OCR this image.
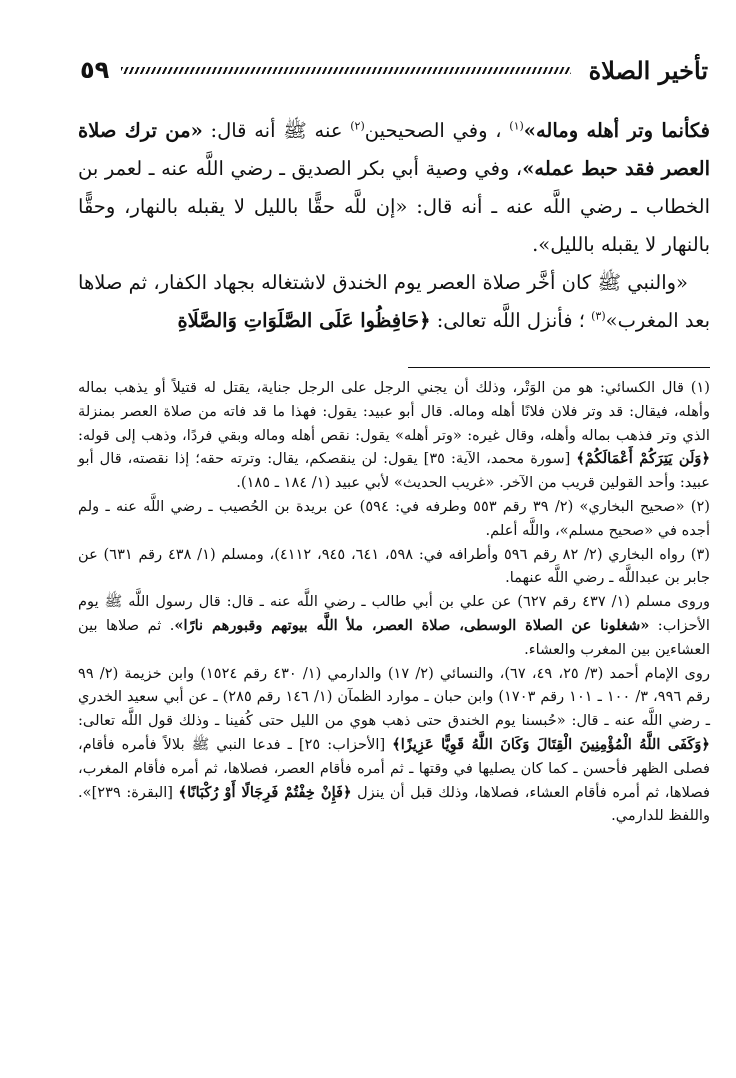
تأخير الصلاة
٥٩

فكأنما وتر أهله وماله»$^{(١)}$ ، وفي الصحيحين$^{(٢)}$ عنه ﷺ أنه قال: «من ترك صلاة العصر فقد حبط عمله»، وفي وصية أبي بكر الصديق ـ رضي اللَّه عنه ـ لعمر بن الخطاب ـ رضي اللَّه عنه ـ أنه قال: «إن للَّه حقًّا بالليل لا يقبله بالنهار، وحقًّا بالنهار لا يقبله بالليل».

«والنبي ﷺ كان أخَّر صلاة العصر يوم الخندق لاشتغاله بجهاد الكفار، ثم صلاها بعد المغرب»$^{(٣)}$ ؛ فأنزل اللَّه تعالى: ﴿حَافِظُوا عَلَى الصَّلَوَاتِ وَالصَّلَاةِ

(١) قال الكسائي: هو من الوَتْر، وذلك أن يجني الرجل على الرجل جناية، يقتل له قتيلاً أو يذهب بماله وأهله، فيقال: قد وتر فلان فلانًا أهله وماله. قال أبو عبيد: يقول: فهذا ما قد فاته من صلاة العصر بمنزلة الذي وتر فذهب بماله وأهله، وقال غيره: «وتر أهله» يقول: نقص أهله وماله وبقي فردًا، وذهب إلى قوله: ﴿وَلَن يَتِرَكُمْ أَعْمَالَكُمْ﴾ [سورة محمد، الآية: ٣٥] يقول: لن ينقصكم، يقال: وترته حقه؛ إذا نقصته، قال أبو عبيد: وأحد القولين قريب من الآخر. «غريب الحديث» لأبي عبيد (١/ ١٨٤ ـ ١٨٥).

(٢) «صحيح البخاري» (٢/ ٣٩ رقم ٥٥٣ وطرفه في: ٥٩٤) عن بريدة بن الحُصيب ـ رضي اللَّه عنه ـ ولم أجده في «صحيح مسلم»، واللَّه أعلم.

(٣) رواه البخاري (٢/ ٨٢ رقم ٥٩٦ وأطرافه في: ٥٩٨، ٦٤١، ٩٤٥، ٤١١٢)، ومسلم (١/ ٤٣٨ رقم ٦٣١) عن جابر بن عبداللَّه ـ رضي اللَّه عنهما.

وروى مسلم (١/ ٤٣٧ رقم ٦٢٧) عن علي بن أبي طالب ـ رضي اللَّه عنه ـ قال: قال رسول اللَّه ﷺ يوم الأحزاب: «شغلونا عن الصلاة الوسطى، صلاة العصر، ملأ اللَّه بيوتهم وقبورهم نارًا». ثم صلاها بين العشاءين بين المغرب والعشاء.

روى الإمام أحمد (٣/ ٢٥، ٤٩، ٦٧)، والنسائي (٢/ ١٧) والدارمي (١/ ٤٣٠ رقم ١٥٢٤) وابن خزيمة (٢/ ٩٩ رقم ٩٩٦، ٣/ ١٠٠ ـ ١٠١ رقم ١٧٠٣) وابن حبان ـ موارد الظمآن (١/ ١٤٦ رقم ٢٨٥) ـ عن أبي سعيد الخدري ـ رضي اللَّه عنه ـ قال: «حُبسنا يوم الخندق حتى ذهب هوي من الليل حتى كُفينا ـ وذلك قول اللَّه تعالى: ﴿وَكَفَى اللَّهُ الْمُؤْمِنِينَ الْقِتَالَ وَكَانَ اللَّهُ قَوِيًّا عَزِيزًا﴾ [الأحزاب: ٢٥] ـ فدعا النبي ﷺ بلالاً فأمره فأقام، فصلى الظهر فأحسن ـ كما كان يصليها في وقتها ـ ثم أمره فأقام العصر، فصلاها، ثم أمره فأقام المغرب، فصلاها، ثم أمره فأقام العشاء، فصلاها، وذلك قبل أن ينزل ﴿فَإِنْ خِفْتُمْ فَرِجَالًا أَوْ رُكْبَانًا﴾ [البقرة: ٢٣٩]». واللفظ للدارمي.
